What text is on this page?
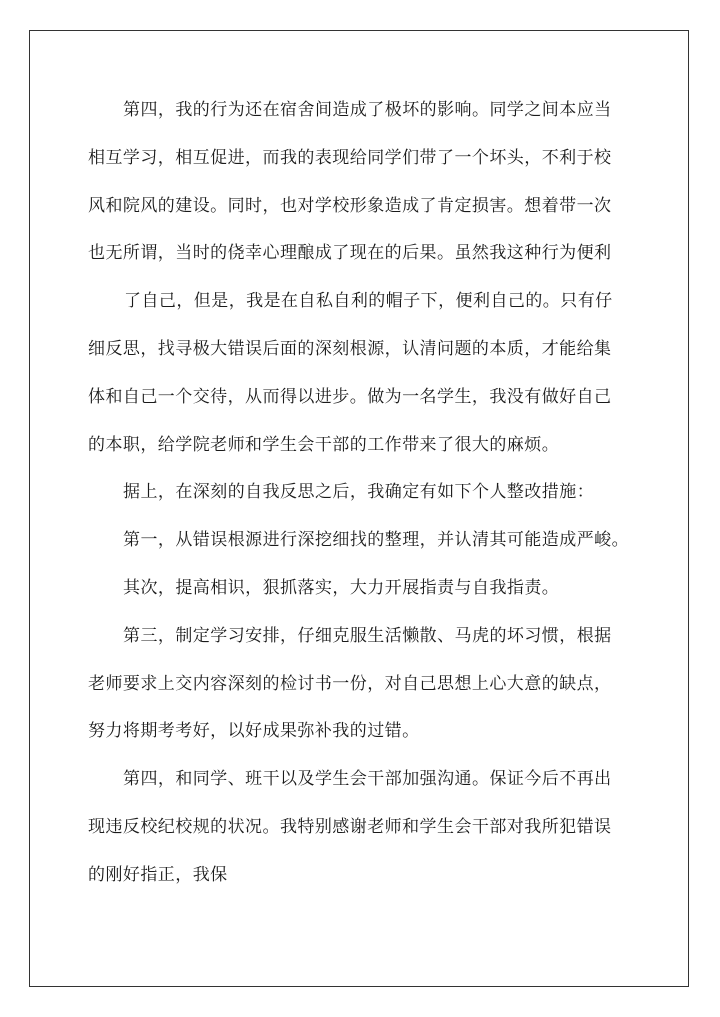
第四，我的行为还在宿舍间造成了极坏的影响。同学之间本应当
相互学习，相互促进，而我的表现给同学们带了一个坏头，不利于校
风和院风的建设。同时，也对学校形象造成了肯定损害。想着带一次
也无所谓，当时的侥幸心理酿成了现在的后果。虽然我这种行为便利
了自己，但是，我是在自私自利的帽子下，便利自己的。只有仔
细反思，找寻极大错误后面的深刻根源，认清问题的本质，才能给集
体和自己一个交待，从而得以进步。做为一名学生，我没有做好自己
的本职，给学院老师和学生会干部的工作带来了很大的麻烦。
据上，在深刻的自我反思之后，我确定有如下个人整改措施：
第一，从错误根源进行深挖细找的整理，并认清其可能造成严峻。
其次，提高相识，狠抓落实，大力开展指责与自我指责。
第三，制定学习安排，仔细克服生活懒散、马虎的坏习惯，根据
老师要求上交内容深刻的检讨书一份，对自己思想上心大意的缺点，
努力将期考考好，以好成果弥补我的过错。
第四，和同学、班干以及学生会干部加强沟通。保证今后不再出
现违反校纪校规的状况。我特别感谢老师和学生会干部对我所犯错误
的刚好指正，我保
